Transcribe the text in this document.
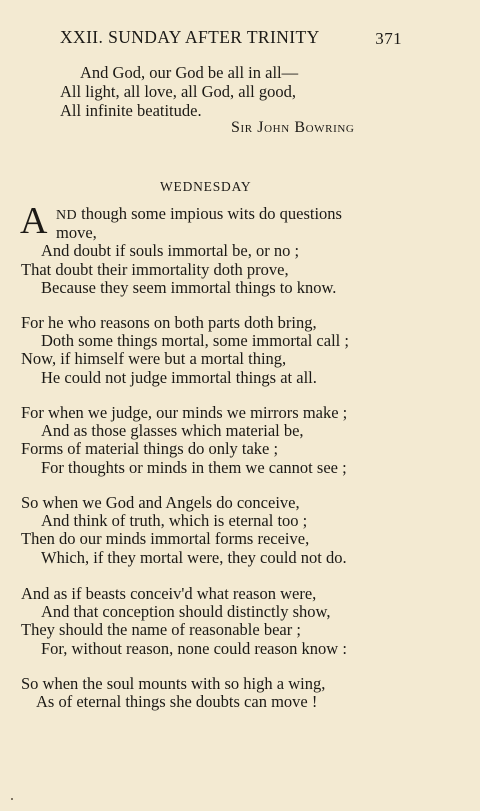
XXII. SUNDAY AFTER TRINITY	371
And God, our God be all in all—
All light, all love, all God, all good,
All infinite beatitude.
Sir John Bowring
WEDNESDAY
A ND though some impious wits do questions
move,
And doubt if souls immortal be, or no ;
That doubt their immortality doth prove,
Because they seem immortal things to know.
For he who reasons on both parts doth bring,
Doth some things mortal, some immortal call ;
Now, if himself were but a mortal thing,
He could not judge immortal things at all.
For when we judge, our minds we mirrors make ;
And as those glasses which material be,
Forms of material things do only take ;
For thoughts or minds in them we cannot see ;
So when we God and Angels do conceive,
And think of truth, which is eternal too ;
Then do our minds immortal forms receive,
Which, if they mortal were, they could not do.
And as if beasts conceiv'd what reason were,
And that conception should distinctly show,
They should the name of reasonable bear ;
For, without reason, none could reason know :
So when the soul mounts with so high a wing,
As of eternal things she doubts can move !
